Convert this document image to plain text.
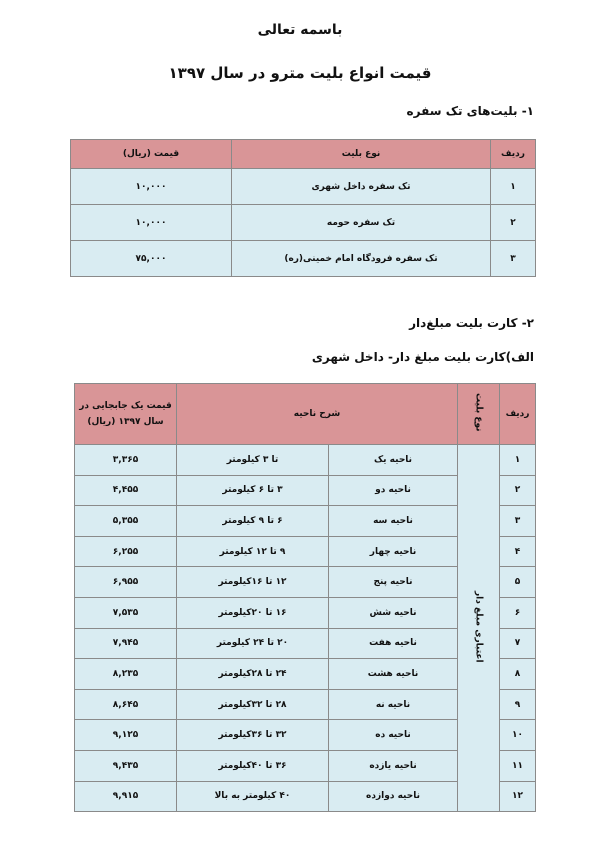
باسمه تعالی
قیمت انواع بلیت مترو در سال ۱۳۹۷
۱- بلیت‌های تک سفره
ردیف	نوع بلیت	قیمت (ریال)
۱	تک سفره داخل شهری	۱۰,۰۰۰
۲	تک سفره حومه	۱۰,۰۰۰
۳	تک سفره فرودگاه امام خمینی(ره)	۷۵,۰۰۰
۲- کارت بلیت مبلغ‌دار
الف)کارت بلیت مبلغ دار- داخل شهری
ردیف	نوع بلیت	شرح ناحیه		قیمت یک جابجایی در
سال ۱۳۹۷ (ریال)

۱	اعتباری مبلغ دار	ناحیه یک	تا ۳ کیلومتر	۳,۳۶۵
۲		ناحیه دو	۳ تا ۶ کیلومتر	۴,۴۵۵
۳		ناحیه سه	۶ تا ۹ کیلومتر	۵,۳۵۵
۴		ناحیه چهار	۹ تا ۱۲ کیلومتر	۶,۲۵۵
۵		ناحیه پنج	۱۲ تا ۱۶کیلومتر	۶,۹۵۵
۶		ناحیه شش	۱۶ تا ۲۰کیلومتر	۷,۵۳۵
۷		ناحیه هفت	۲۰ تا ۲۴ کیلومتر	۷,۹۴۵
۸		ناحیه هشت	۲۴ تا ۲۸کیلومتر	۸,۲۳۵
۹		ناحیه نه	۲۸ تا ۳۲کیلومتر	۸,۶۴۵
۱۰		ناحیه ده	۳۲ تا ۳۶کیلومتر	۹,۱۲۵
۱۱		ناحیه یازده	۳۶ تا ۴۰کیلومتر	۹,۴۳۵
۱۲		ناحیه دوازده	۴۰ کیلومتر به بالا	۹,۹۱۵
